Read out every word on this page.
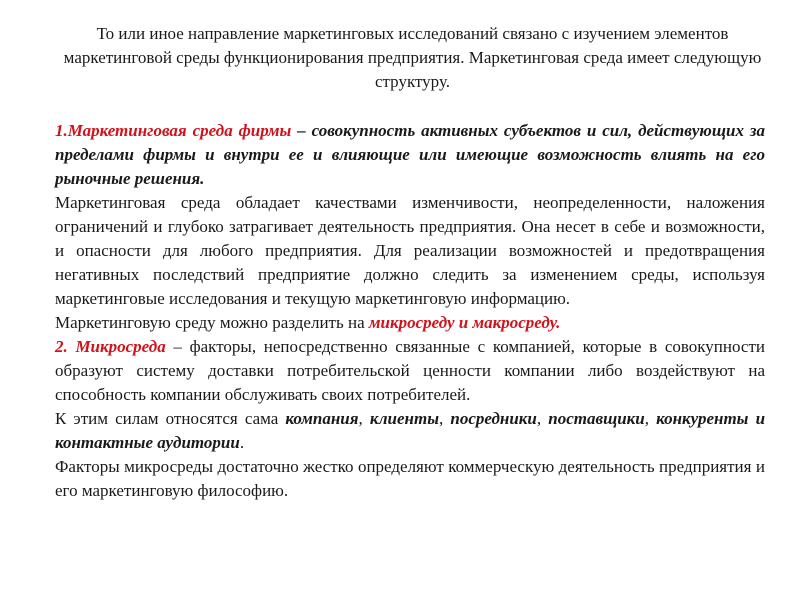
То или иное направление маркетинговых исследований связано с изучением элементов маркетинговой среды функционирования предприятия. Маркетинговая среда имеет следующую структуру.

1.Маркетинговая среда фирмы – совокупность активных субъектов и сил, действующих за пределами фирмы и внутри ее и влияющие или имеющие возможность влиять на его рыночные решения.

Маркетинговая среда обладает качествами изменчивости, неопределенности, наложения ограничений и глубоко затрагивает деятельность предприятия. Она несет в себе и возможности, и опасности для любого предприятия. Для реализации возможностей и предотвращения негативных последствий предприятие должно следить за изменением среды, используя маркетинговые исследования и текущую маркетинговую информацию.

Маркетинговую среду можно разделить на микросреду и макросреду.

2. Микросреда – факторы, непосредственно связанные с компанией, которые в совокупности образуют систему доставки потребительской ценности компании либо воздействуют на способность компании обслуживать своих потребителей.

К этим силам относятся сама компания, клиенты, посредники, поставщики, конкуренты и контактные аудитории.

Факторы микросреды достаточно жестко определяют коммерческую деятельность предприятия и его маркетинговую философию.
